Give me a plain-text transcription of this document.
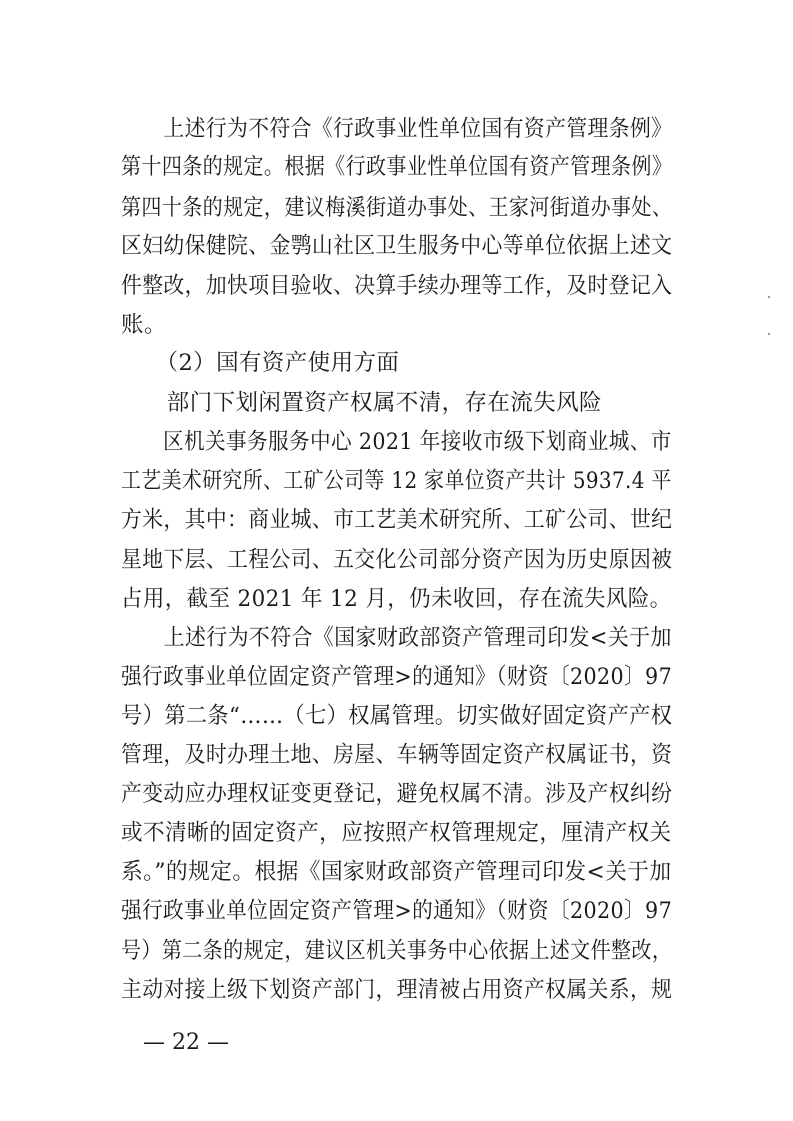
　　上述行为不符合《行政事业性单位国有资产管理条例》
第十四条的规定。根据《行政事业性单位国有资产管理条例》
第四十条的规定，建议梅溪街道办事处、王家河街道办事处、
区妇幼保健院、金鹗山社区卫生服务中心等单位依据上述文
件整改，加快项目验收、决算手续办理等工作，及时登记入
账。
　　（2）国有资产使用方面
　　部门下划闲置资产权属不清，存在流失风险
　　区机关事务服务中心 2021 年接收市级下划商业城、市
工艺美术研究所、工矿公司等 12 家单位资产共计 5937.4 平
方米，其中：商业城、市工艺美术研究所、工矿公司、世纪
星地下层、工程公司、五交化公司部分资产因为历史原因被
占用，截至 2021 年 12 月，仍未收回，存在流失风险。
　　上述行为不符合《国家财政部资产管理司印发<关于加
强行政事业单位固定资产管理>的通知》（财资〔2020〕97
号）第二条“……（七）权属管理。切实做好固定资产产权
管理，及时办理土地、房屋、车辆等固定资产权属证书，资
产变动应办理权证变更登记，避免权属不清。涉及产权纠纷
或不清晰的固定资产，应按照产权管理规定，厘清产权关
系。”的规定。根据《国家财政部资产管理司印发<关于加
强行政事业单位固定资产管理>的通知》（财资〔2020〕97
号）第二条的规定，建议区机关事务中心依据上述文件整改，
主动对接上级下划资产部门，理清被占用资产权属关系，规
— 22 —
